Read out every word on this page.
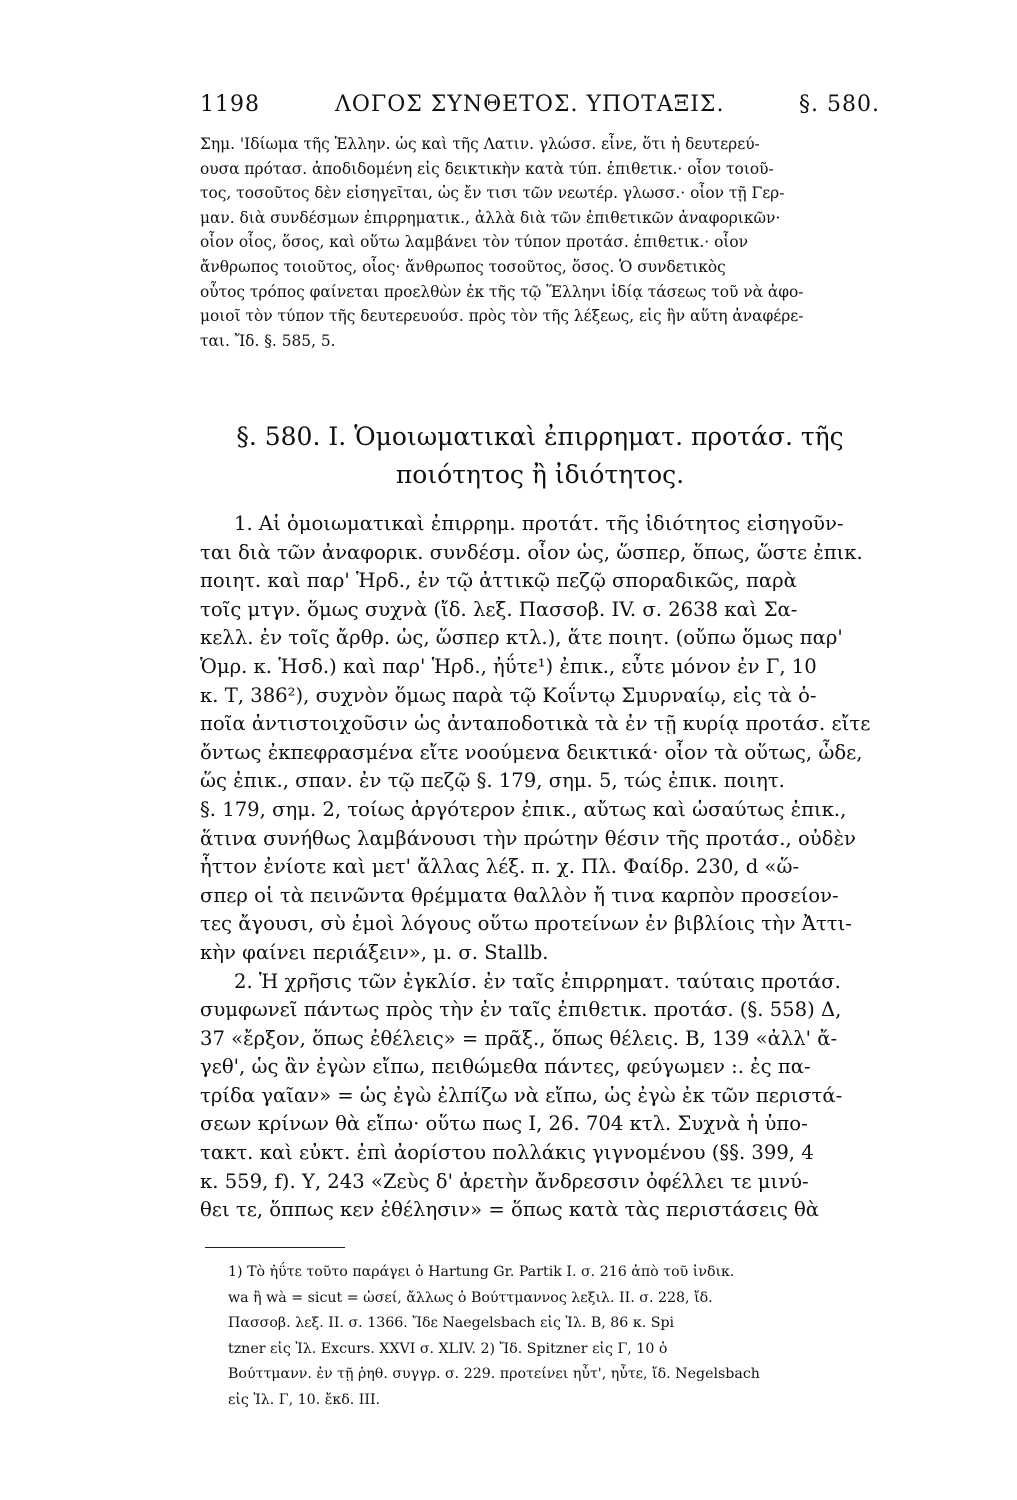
1198	ΛΟΓΟΣ ΣΥΝΘΕΤΟΣ. ΥΠΟΤΑΞΙΣ.	§. 580.
Σημ. 'Ιδίωμα τῆς Ἑλλην. ὡς καὶ τῆς Λατιν. γλώσσ. εἶνε, ὅτι ἡ δευτερεύ-
ουσα πρότασ. ἀποδιδομένη εἰς δεικτικὴν κατὰ τύπ. ἐπιθετικ.· οἷον τοιοῦ-
τος, τοσοῦτος δὲν εἰσηγεῖται, ὡς ἔν τισι τῶν νεωτέρ. γλωσσ.· οἷον τῇ Γερ-
μαν. διὰ συνδέσμων ἐπιρρηματικ., ἀλλὰ διὰ τῶν ἐπιθετικῶν ἀναφορικῶν·
οἷον οἷος, ὅσος, καὶ οὕτω λαμβάνει τὸν τύπον προτάσ. ἐπιθετικ.· οἷον
ἄνθρωπος τοιοῦτος, οἷος· ἄνθρωπος τοσοῦτος, ὅσος. Ὁ συνδετικὸς
οὗτος τρόπος φαίνεται προελθὼν ἐκ τῆς τῷ Ἕλληνι ἰδίᾳ τάσεως τοῦ νὰ ἀφο-
μοιοῖ τὸν τύπον τῆς δευτερευούσ. πρὸς τὸν τῆς λέξεως, εἰς ἣν αὕτη ἀναφέρε-
ται. Ἴδ. §. 585, 5.
§. 580. I. Ὁμοιωματικαὶ ἐπιρρηματ. προτάσ. τῆς
ποιότητος ἢ ἰδιότητος.
1. Αἱ ὁμοιωματικαὶ ἐπιρρημ. προτάτ. τῆς ἰδιότητος εἰσηγοῦν-
ται διὰ τῶν ἀναφορικ. συνδέσμ. οἷον ὡς, ὥσπερ, ὅπως, ὥστε ἐπικ.
ποιητ. καὶ παρ' Ἡρδ., ἐν τῷ ἀττικῷ πεζῷ σποραδικῶς, παρὰ
τοῖς μτγν. ὅμως συχνὰ (ἴδ. λεξ. Πασσοβ. IV. σ. 2638 καὶ Σα-
κελλ. ἐν τοῖς ἄρθρ. ὡς, ὥσπερ κτλ.), ἅτε ποιητ. (οὔπω ὅμως παρ'
Ὁμρ. κ. Ἡσδ.) καὶ παρ' Ἡρδ., ἠΰτε¹) ἐπικ., εὖτε μόνον ἐν Γ, 10
κ. Τ, 386²), συχνὸν ὅμως παρὰ τῷ Κοΐντῳ Σμυρναίῳ, εἰς τὰ ὁ-
ποῖα ἀντιστοιχοῦσιν ὡς ἀνταποδοτικὰ τὰ ἐν τῇ κυρίᾳ προτάσ. εἴτε
ὄντως ἐκπεφρασμένα εἴτε νοούμενα δεικτικά· οἷον τὰ οὕτως, ὧδε,
ὥς ἐπικ., σπαν. ἐν τῷ πεζῷ §. 179, σημ. 5, τώς ἐπικ. ποιητ.
§. 179, σημ. 2, τοίως ἀργότερον ἐπικ., αὔτως καὶ ὡσαύτως ἐπικ.,
ἅτινα συνήθως λαμβάνουσι τὴν πρώτην θέσιν τῆς προτάσ., οὐδὲν
ἧττον ἐνίοτε καὶ μετ' ἄλλας λέξ. π. χ. Πλ. Φαίδρ. 230, d «ὥ-
σπερ οἱ τὰ πεινῶντα θρέμματα θαλλὸν ἤ τινα καρπὸν προσείον-
τες ἄγουσι, σὺ ἐμοὶ λόγους οὕτω προτείνων ἐν βιβλίοις τὴν Ἀττι-
κὴν φαίνει περιάξειν», μ. σ. Stallb.
2. Ἡ χρῆσις τῶν ἐγκλίσ. ἐν ταῖς ἐπιρρηματ. ταύταις προτάσ.
συμφωνεῖ πάντως πρὸς τὴν ἐν ταῖς ἐπιθετικ. προτάσ. (§. 558) Δ,
37 «ἔρξον, ὅπως ἐθέλεις» = πρᾶξ., ὅπως θέλεις. Β, 139 «ἀλλ' ἄ-
γεθ', ὡς ἂν ἐγὼν εἴπω, πειθώμεθα πάντες, φεύγωμεν :. ἐς πα-
τρίδα γαῖαν» = ὡς ἐγὼ ἐλπίζω νὰ εἴπω, ὡς ἐγὼ ἐκ τῶν περιστά-
σεων κρίνων θὰ εἴπω· οὕτω πως Ι, 26. 704 κτλ. Συχνὰ ἡ ὑπο-
τακτ. καὶ εὐκτ. ἐπὶ ἀορίστου πολλάκις γιγνομένου (§§. 399, 4
κ. 559, f). Υ, 243 «Ζεὺς δ' ἀρετὴν ἄνδρεσσιν ὀφέλλει τε μινύ-
θει τε, ὅππως κεν ἐθέλησιν» = ὅπως κατὰ τὰς περιστάσεις θὰ
1) Τὸ ἠΰτε τοῦτο παράγει ὁ Hartung Gr. Partik I. σ. 216 ἀπὸ τοῦ ἰνδικ.
wa ἢ wà = sicut = ὡσεί, ἄλλως ὁ Βούττμαννος λεξιλ. II. σ. 228, ἴδ.
Πασσοβ. λεξ. II. σ. 1366. Ἴδε Naegelsbach εἰς Ἰλ. Β, 86 κ. Spi
tzner εἰς Ἰλ. Excurs. XXVI σ. XLIV. 2) Ἴδ. Spitzner εἰς Γ, 10 ὁ
Βούττμανν. ἐν τῇ ῥηθ. συγγρ. σ. 229. προτείνει ηὖτ', ηὖτε, ἴδ. Negelsbach
εἰς Ἰλ. Γ, 10. ἔκδ. III.
